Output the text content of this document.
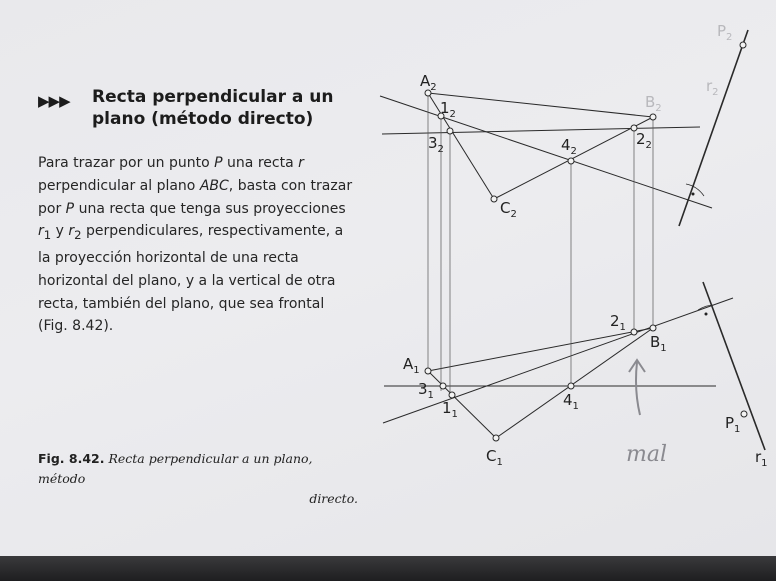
▶▶▶ Recta perpendicular a un plano (método directo)

Para trazar por un punto P una recta r perpendicular al plano ABC, basta con trazar por P una recta que tenga sus proyecciones $r_1$ y $r_2$ perpendiculares, respectivamente, a la proyección horizontal de una recta horizontal del plano, y a la vertical de otra recta, también del plano, que sea frontal (Fig. 8.42).

Fig. 8.42. Recta perpendicular a un plano, método
directo.
$A_2$
$1_2$
$3_2$	$4_2$
$2_2$
$B_2$
$C_2$
$P_2$
$r_2$
$A_1$
$3_1$
$1_1$
$4_1$
$2_1$
$B_1$
$C_1$
$P_1$
$r_1$
mal
